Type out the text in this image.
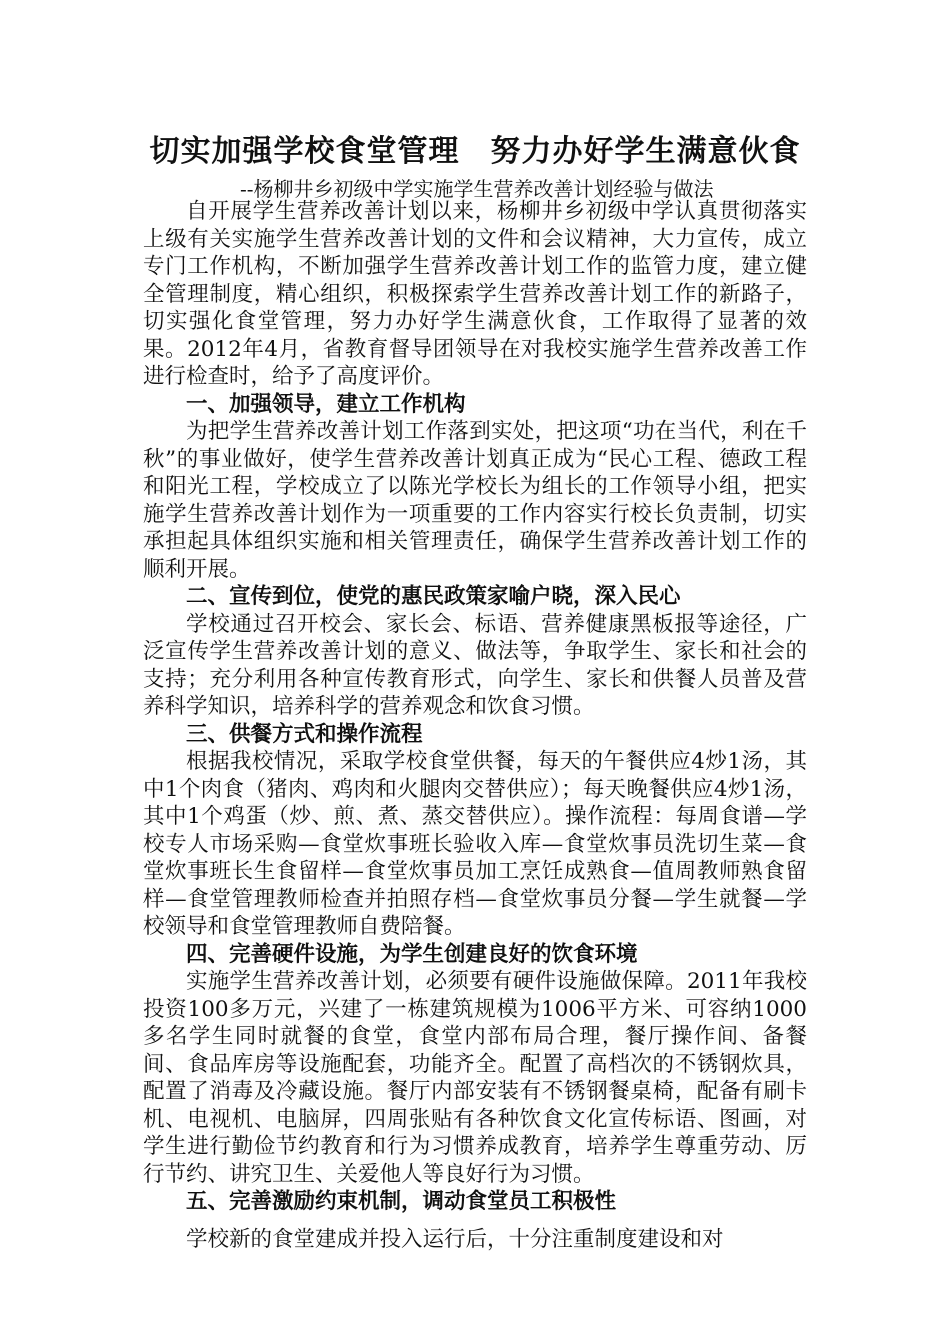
切实加强学校食堂管理　努力办好学生满意伙食
--杨柳井乡初级中学实施学生营养改善计划经验与做法

自开展学生营养改善计划以来，杨柳井乡初级中学认真贯彻落实上级有关实施学生营养改善计划的文件和会议精神，大力宣传，成立专门工作机构，不断加强学生营养改善计划工作的监管力度，建立健全管理制度，精心组织，积极探索学生营养改善计划工作的新路子，切实强化食堂管理，努力办好学生满意伙食，工作取得了显著的效果。2012年4月，省教育督导团领导在对我校实施学生营养改善工作进行检查时，给予了高度评价。

一、加强领导，建立工作机构

为把学生营养改善计划工作落到实处，把这项“功在当代，利在千秋”的事业做好，使学生营养改善计划真正成为“民心工程、德政工程和阳光工程，学校成立了以陈光学校长为组长的工作领导小组，把实施学生营养改善计划作为一项重要的工作内容实行校长负责制，切实承担起具体组织实施和相关管理责任，确保学生营养改善计划工作的顺利开展。

二、宣传到位，使党的惠民政策家喻户晓，深入民心

学校通过召开校会、家长会、标语、营养健康黑板报等途径，广泛宣传学生营养改善计划的意义、做法等，争取学生、家长和社会的支持；充分利用各种宣传教育形式，向学生、家长和供餐人员普及营养科学知识，培养科学的营养观念和饮食习惯。

三、供餐方式和操作流程

根据我校情况，采取学校食堂供餐，每天的午餐供应4炒1汤，其中1个肉食（猪肉、鸡肉和火腿肉交替供应）；每天晚餐供应4炒1汤，其中1个鸡蛋（炒、煎、煮、蒸交替供应）。操作流程：每周食谱—学校专人市场采购—食堂炊事班长验收入库—食堂炊事员洗切生菜—食堂炊事班长生食留样—食堂炊事员加工烹饪成熟食—值周教师熟食留样—食堂管理教师检查并拍照存档—食堂炊事员分餐—学生就餐—学校领导和食堂管理教师自费陪餐。

四、完善硬件设施，为学生创建良好的饮食环境

实施学生营养改善计划，必须要有硬件设施做保障。2011年我校投资100多万元，兴建了一栋建筑规模为1006平方米、可容纳1000多名学生同时就餐的食堂，食堂内部布局合理，餐厅操作间、备餐间、食品库房等设施配套，功能齐全。配置了高档次的不锈钢炊具，配置了消毒及冷藏设施。餐厅内部安装有不锈钢餐桌椅，配备有刷卡机、电视机、电脑屏，四周张贴有各种饮食文化宣传标语、图画，对学生进行勤俭节约教育和行为习惯养成教育，培养学生尊重劳动、厉行节约、讲究卫生、关爱他人等良好行为习惯。

五、完善激励约束机制，调动食堂员工积极性

学校新的食堂建成并投入运行后，十分注重制度建设和对
